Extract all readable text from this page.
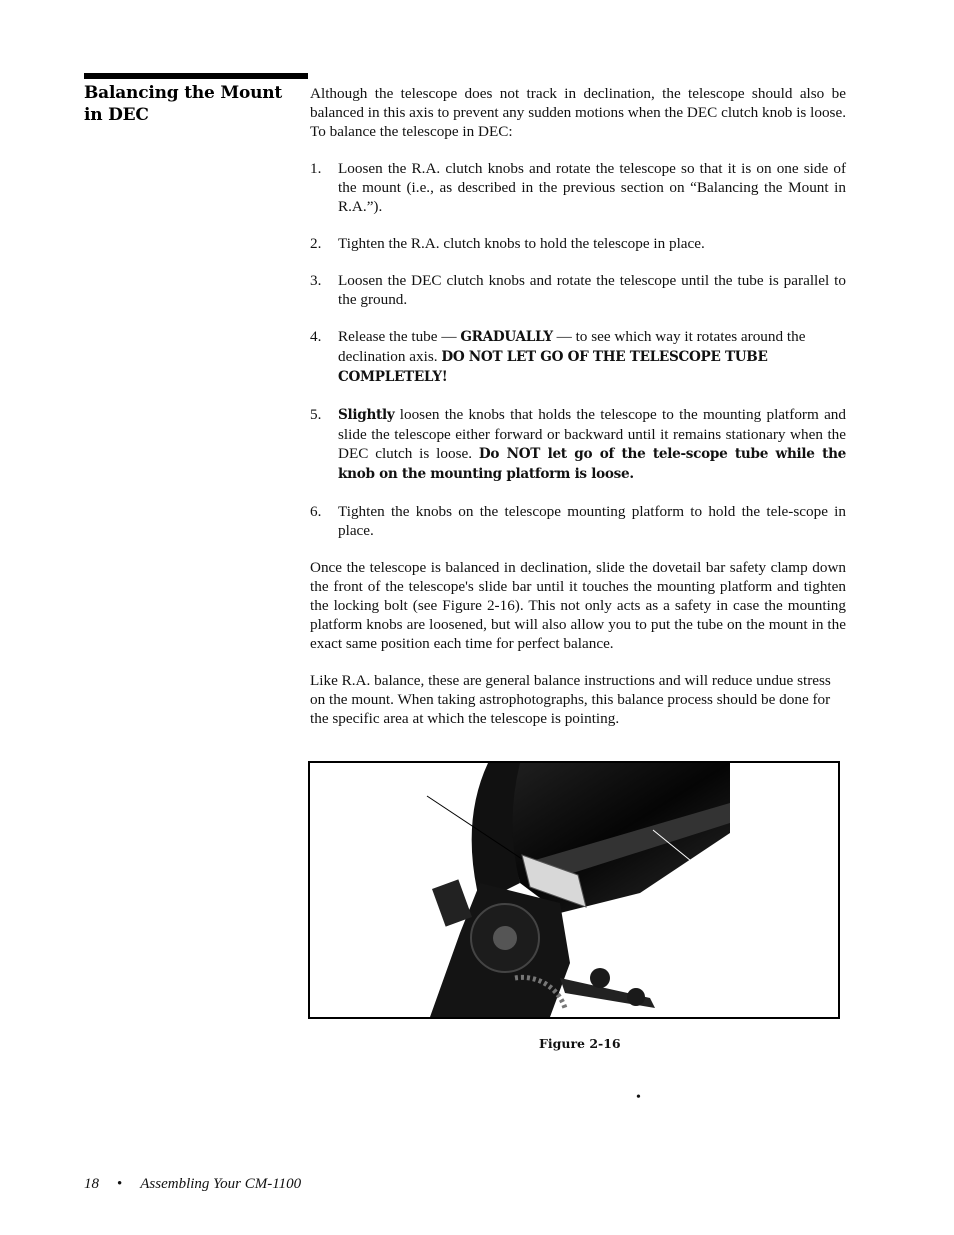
Balancing the Mount
in DEC

Although the telescope does not track in declination, the telescope should also be balanced in this axis to prevent any sudden motions when the DEC clutch knob is loose. To balance the telescope in DEC:

1. Loosen the R.A. clutch knobs and rotate the telescope so that it is on one side of the mount (i.e., as described in the previous section on “Balancing the Mount in R.A.”).
2. Tighten the R.A. clutch knobs to hold the telescope in place.
3. Loosen the DEC clutch knobs and rotate the telescope until the tube is parallel to the ground.
4. Release the tube — GRADUALLY — to see which way it rotates around the declination axis. DO NOT LET GO OF THE TELESCOPE TUBE COMPLETELY!
5. Slightly loosen the knobs that holds the telescope to the mounting platform and slide the telescope either forward or backward until it remains stationary when the DEC clutch is loose. Do NOT let go of the tele-scope tube while the knob on the mounting platform is loose.
6. Tighten the knobs on the telescope mounting platform to hold the tele-scope in place.

Once the telescope is balanced in declination, slide the dovetail bar safety clamp down the front of the telescope's slide bar until it touches the mounting platform and tighten the locking bolt (see Figure 2-16). This not only acts as a safety in case the mounting platform knobs are loosened, but will also allow you to put the tube on the mount in the exact same position each time for perfect balance.

Like R.A. balance, these are general balance instructions and will reduce undue stress on the mount. When taking astrophotographs, this balance process should be done for the specific area at which the telescope is pointing.

Figure 2-16
•
18 • Assembling Your CM-1100
